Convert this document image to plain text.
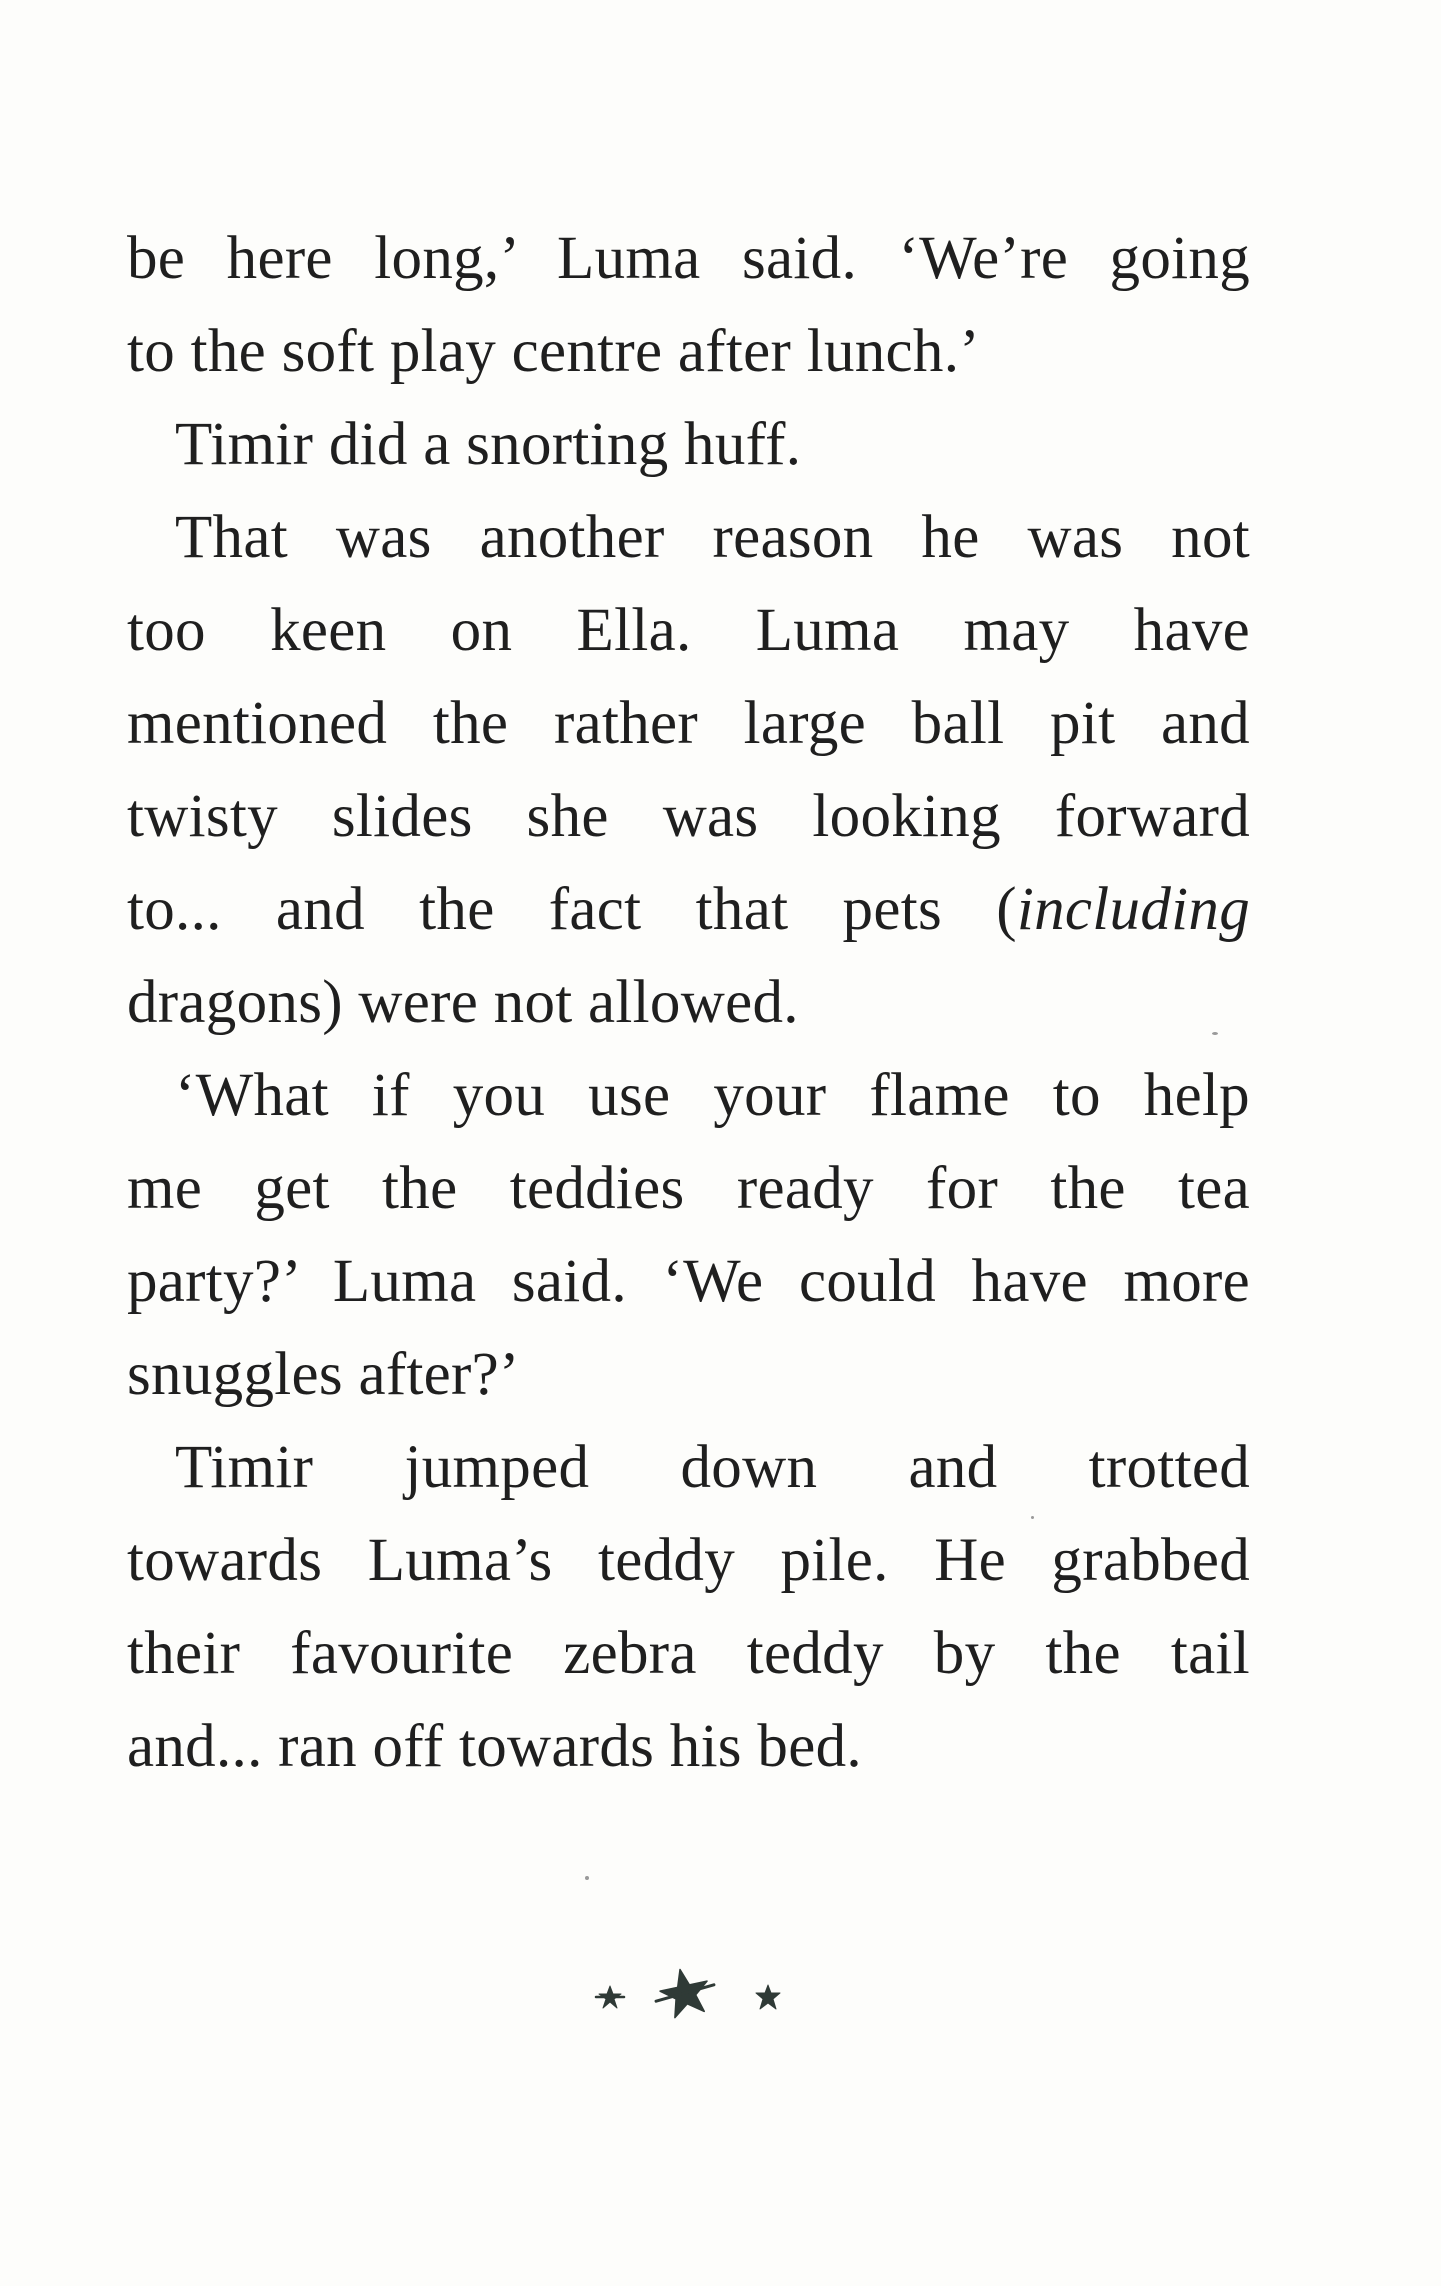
be here long,’ Luma said. ‘We’re going
to the soft play centre after lunch.’
Timir did a snorting huff.
That was another reason he was not
too keen on Ella. Luma may have
mentioned the rather large ball pit and
twisty slides she was looking forward
to... and the fact that pets (including
dragons) were not allowed.
‘What if you use your flame to help
me get the teddies ready for the tea
party?’ Luma said. ‘We could have more
snuggles after?’
Timir jumped down and trotted
towards Luma’s teddy pile. He grabbed
their favourite zebra teddy by the tail
and... ran off towards his bed.
